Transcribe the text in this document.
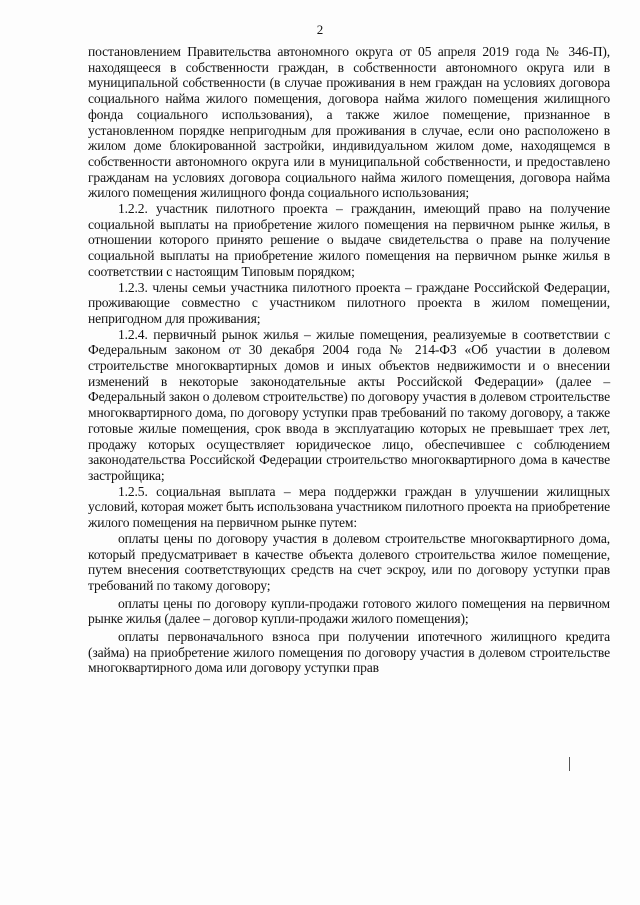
2

постановлением Правительства автономного округа от 05 апреля 2019 года № 346-П), находящееся в собственности граждан, в собственности автономного округа или в муниципальной собственности (в случае проживания в нем граждан на условиях договора социального найма жилого помещения, договора найма жилого помещения жилищного фонда социального использования), а также жилое помещение, признанное в установленном порядке непригодным для проживания в случае, если оно расположено в жилом доме блокированной застройки, индивидуальном жилом доме, находящемся в собственности автономного округа или в муниципальной собственности, и предоставлено гражданам на условиях договора социального найма жилого помещения, договора найма жилого помещения жилищного фонда социального использования;

1.2.2. участник пилотного проекта – гражданин, имеющий право на получение социальной выплаты на приобретение жилого помещения на первичном рынке жилья, в отношении которого принято решение о выдаче свидетельства о праве на получение социальной выплаты на приобретение жилого помещения на первичном рынке жилья в соответствии с настоящим Типовым порядком;

1.2.3. члены семьи участника пилотного проекта – граждане Российской Федерации, проживающие совместно с участником пилотного проекта в жилом помещении, непригодном для проживания;

1.2.4. первичный рынок жилья – жилые помещения, реализуемые в соответствии с Федеральным законом от 30 декабря 2004 года № 214-ФЗ «Об участии в долевом строительстве многоквартирных домов и иных объектов недвижимости и о внесении изменений в некоторые законодательные акты Российской Федерации» (далее – Федеральный закон о долевом строительстве) по договору участия в долевом строительстве многоквартирного дома, по договору уступки прав требований по такому договору, а также готовые жилые помещения, срок ввода в эксплуатацию которых не превышает трех лет, продажу которых осуществляет юридическое лицо, обеспечившее с соблюдением законодательства Российской Федерации строительство многоквартирного дома в качестве застройщика;

1.2.5. социальная выплата – мера поддержки граждан в улучшении жилищных условий, которая может быть использована участником пилотного проекта на приобретение жилого помещения на первичном рынке путем:

оплаты цены по договору участия в долевом строительстве многоквартирного дома, который предусматривает в качестве объекта долевого строительства жилое помещение, путем внесения соответствующих средств на счет эскроу, или по договору уступки прав требований по такому договору;

оплаты цены по договору купли-продажи готового жилого помещения на первичном рынке жилья (далее – договор купли-продажи жилого помещения);

оплаты первоначального взноса при получении ипотечного жилищного кредита (займа) на приобретение жилого помещения по договору участия в долевом строительстве многоквартирного дома или договору уступки прав
